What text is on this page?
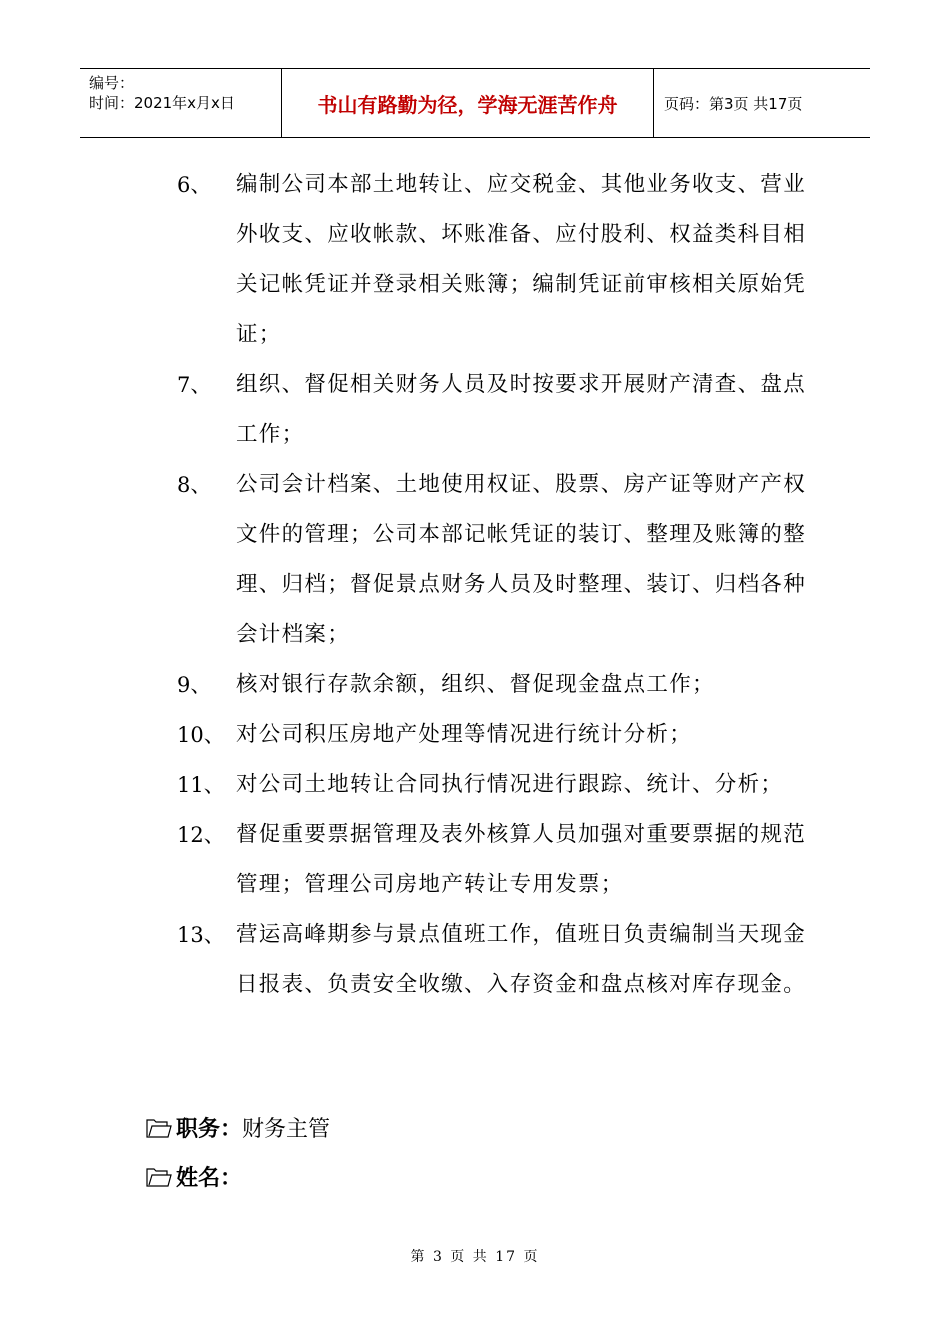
编号：
时间：2021年x月x日	书山有路勤为径，学海无涯苦作舟	页码：第3页 共17页
6、 编制公司本部土地转让、应交税金、其他业务收支、营业外收支、应收帐款、坏账准备、应付股利、权益类科目相关记帐凭证并登录相关账簿；编制凭证前审核相关原始凭证；
7、 组织、督促相关财务人员及时按要求开展财产清查、盘点工作；
8、 公司会计档案、土地使用权证、股票、房产证等财产产权文件的管理；公司本部记帐凭证的装订、整理及账簿的整理、归档；督促景点财务人员及时整理、装订、归档各种会计档案；
9、 核对银行存款余额，组织、督促现金盘点工作；
10、 对公司积压房地产处理等情况进行统计分析；
11、 对公司土地转让合同执行情况进行跟踪、统计、分析；
12、 督促重要票据管理及表外核算人员加强对重要票据的规范管理；管理公司房地产转让专用发票；
13、 营运高峰期参与景点值班工作，值班日负责编制当天现金日报表、负责安全收缴、入存资金和盘点核对库存现金。
职务： 财务主管
姓名：
第 3 页 共 17 页
